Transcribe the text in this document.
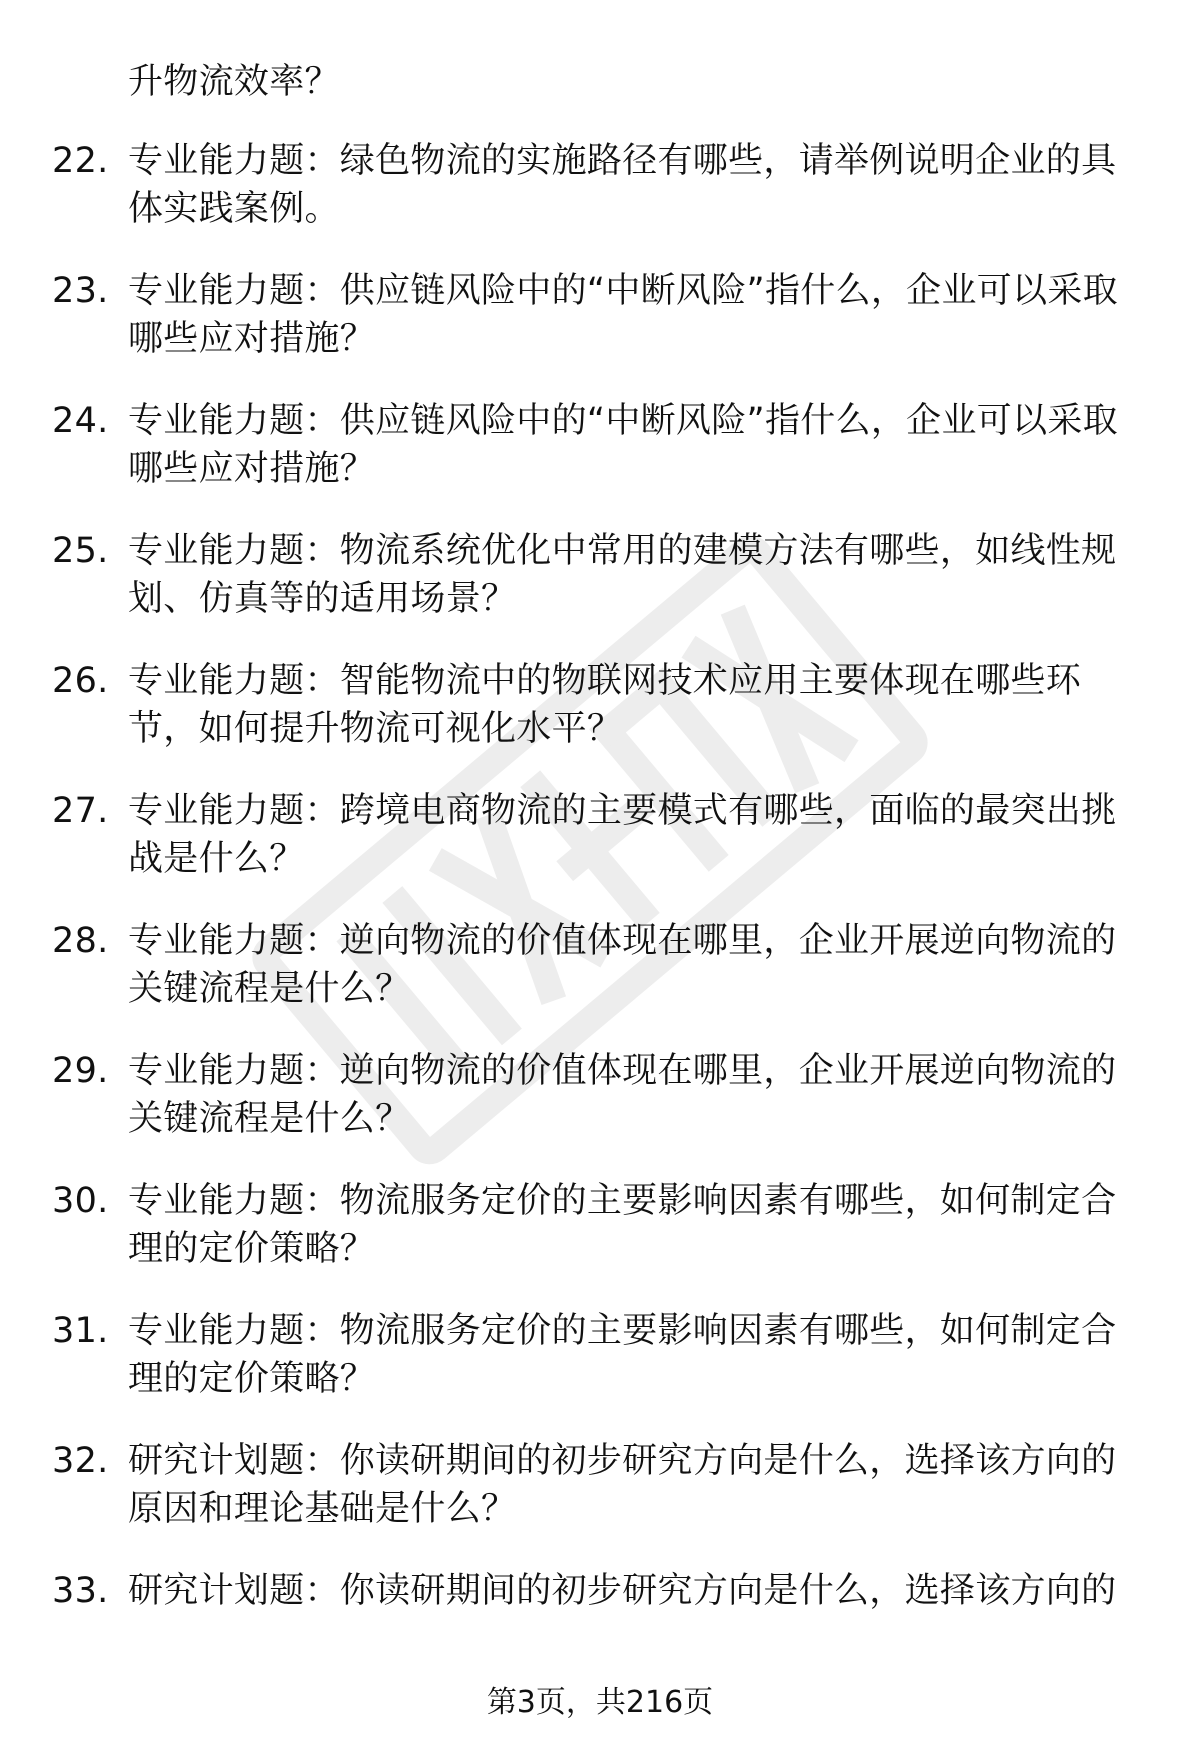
升物流效率？
22. 专业能力题：绿色物流的实施路径有哪些，请举例说明企业的具体实践案例。
23. 专业能力题：供应链风险中的“中断风险”指什么，企业可以采取哪些应对措施？
24. 专业能力题：供应链风险中的“中断风险”指什么，企业可以采取哪些应对措施？
25. 专业能力题：物流系统优化中常用的建模方法有哪些，如线性规划、仿真等的适用场景？
26. 专业能力题：智能物流中的物联网技术应用主要体现在哪些环节，如何提升物流可视化水平？
27. 专业能力题：跨境电商物流的主要模式有哪些，面临的最突出挑战是什么？
28. 专业能力题：逆向物流的价值体现在哪里，企业开展逆向物流的关键流程是什么？
29. 专业能力题：逆向物流的价值体现在哪里，企业开展逆向物流的关键流程是什么？
30. 专业能力题：物流服务定价的主要影响因素有哪些，如何制定合理的定价策略？
31. 专业能力题：物流服务定价的主要影响因素有哪些，如何制定合理的定价策略？
32. 研究计划题：你读研期间的初步研究方向是什么，选择该方向的原因和理论基础是什么？
33. 研究计划题：你读研期间的初步研究方向是什么，选择该方向的
第3页，共216页
